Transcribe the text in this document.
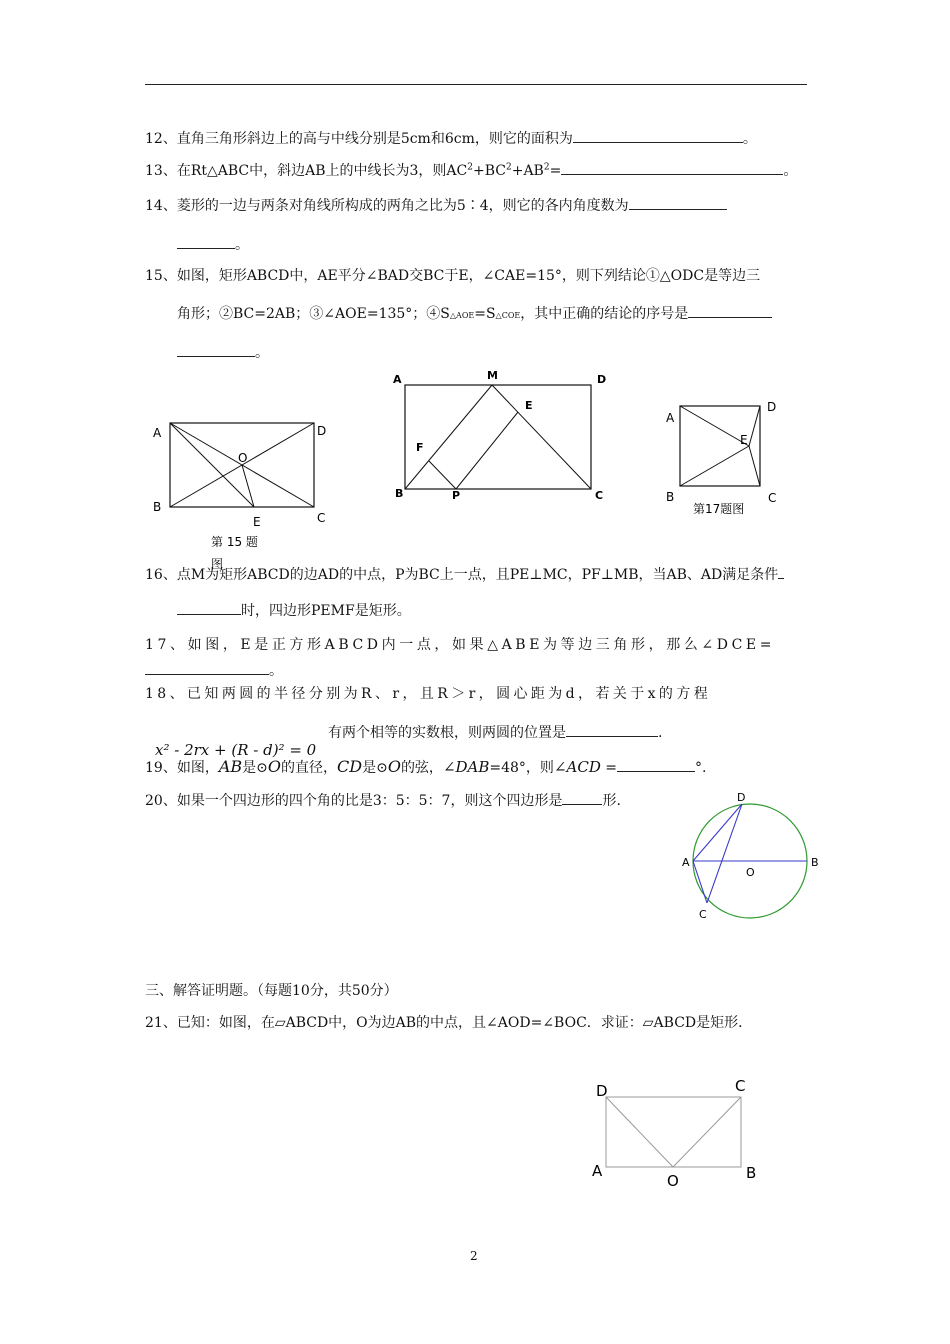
12、直角三角形斜边上的高与中线分别是5cm和6cm，则它的面积为	。
13、在Rt△ABC中，斜边AB上的中线长为3，则$AC^2+BC^2+AB^2=$	。
14、菱形的一边与两条对角线所构成的两角之比为5∶4，则它的各内角度数为
。
15、如图，矩形ABCD中，AE平分∠BAD交BC于E，∠CAE=15°，则下列结论①△ODC是等边三
角形；②BC=2AB；③∠AOE=135°；④S△AOE=S△COE，其中正确的结论的序号是
。
A
B
C
D
O
E
第 15 题
图
A	M	D
E
F
B	P	C
A
B	C
D
E
第17题图
16、点M为矩形ABCD的边AD的中点，P为BC上一点，且PE⊥MC，PF⊥MB，当AB、AD满足条件
时，四边形PEMF是矩形。
17、如图，E是正方形ABCD内一点，如果△ABE为等边三角形，那么∠DCE=
。
18、已知两圆的半径分别为R、r，且R＞r，圆心距为d，若关于x的方程
有两个相等的实数根，则两圆的位置是	.
x² - 2rx + (R - d)² = 0
19、如图，AB是⊙O的直径，CD是⊙O的弦，∠DAB=48°，则∠ACD =	°.
20、如果一个四边形的四个角的比是3：5：5：7，则这个四边形是	形.
A	B
C
D
O
三、解答证明题。（每题10分，共50分）
21、已知：如图，在▱ABCD中，O为边AB的中点，且∠AOD=∠BOC．求证：▱ABCD是矩形．
D	C
A	B
O
2
